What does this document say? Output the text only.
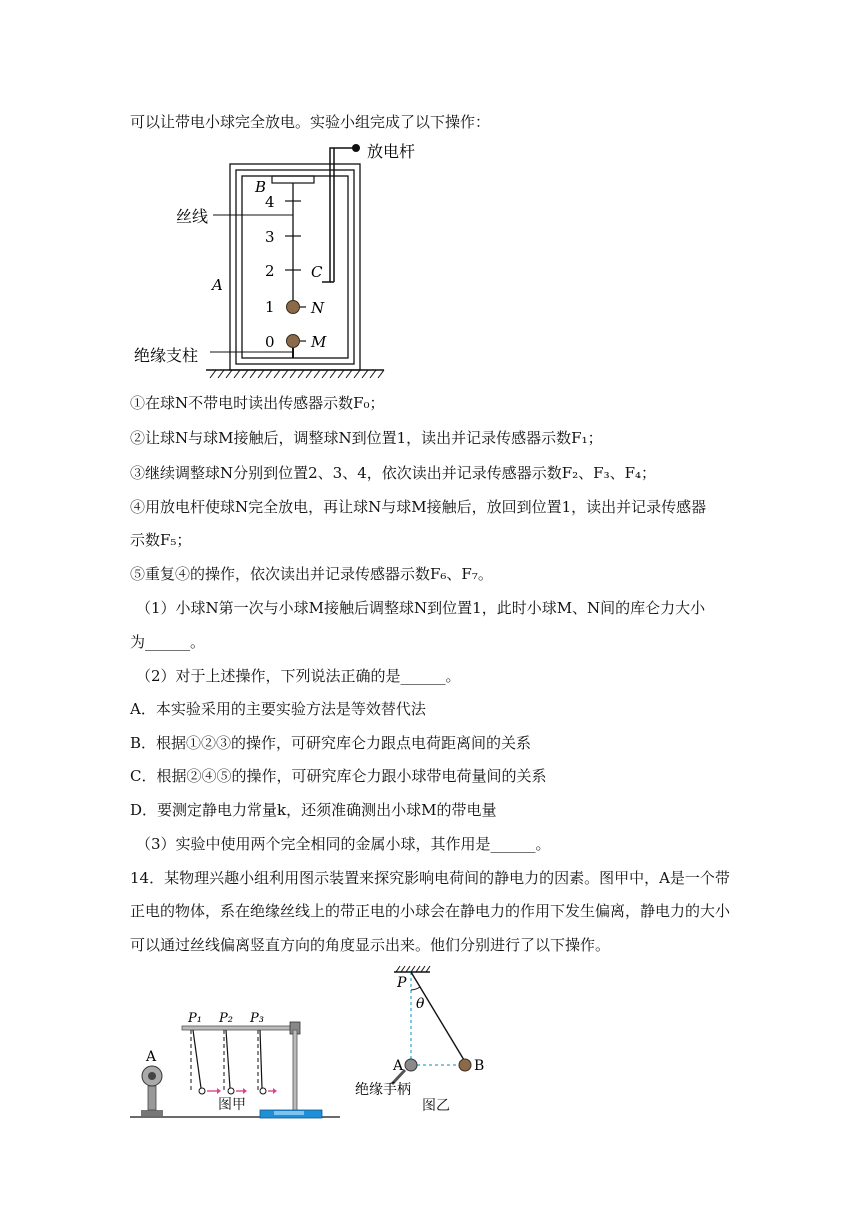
可以让带电小球完全放电。实验小组完成了以下操作：
放电杆
B
丝线
A
C
N
M
绝缘支柱
4
3
2
1
0
①在球N不带电时读出传感器示数F₀；
②让球N与球M接触后，调整球N到位置1，读出并记录传感器示数F₁；
③继续调整球N分别到位置2、3、4，依次读出并记录传感器示数F₂、F₃、F₄；
④用放电杆使球N完全放电，再让球N与球M接触后，放回到位置1，读出并记录传感器
示数F₅；
⑤重复④的操作，依次读出并记录传感器示数F₆、F₇。
（1）小球N第一次与小球M接触后调整球N到位置1，此时小球M、N间的库仑力大小
为______。
（2）对于上述操作，下列说法正确的是______。
A．本实验采用的主要实验方法是等效替代法
B．根据①②③的操作，可研究库仑力跟点电荷距离间的关系
C．根据②④⑤的操作，可研究库仑力跟小球带电荷量间的关系
D．要测定静电力常量k，还须准确测出小球M的带电量
（3）实验中使用两个完全相同的金属小球，其作用是______。
14．某物理兴趣小组利用图示装置来探究影响电荷间的静电力的因素。图甲中，A是一个带
正电的物体，系在绝缘丝线上的带正电的小球会在静电力的作用下发生偏离，静电力的大小
可以通过丝线偏离竖直方向的角度显示出来。他们分别进行了以下操作。
A
P₁ P₂ P₃
P
θ
A	B
绝缘手柄
图甲	图乙
